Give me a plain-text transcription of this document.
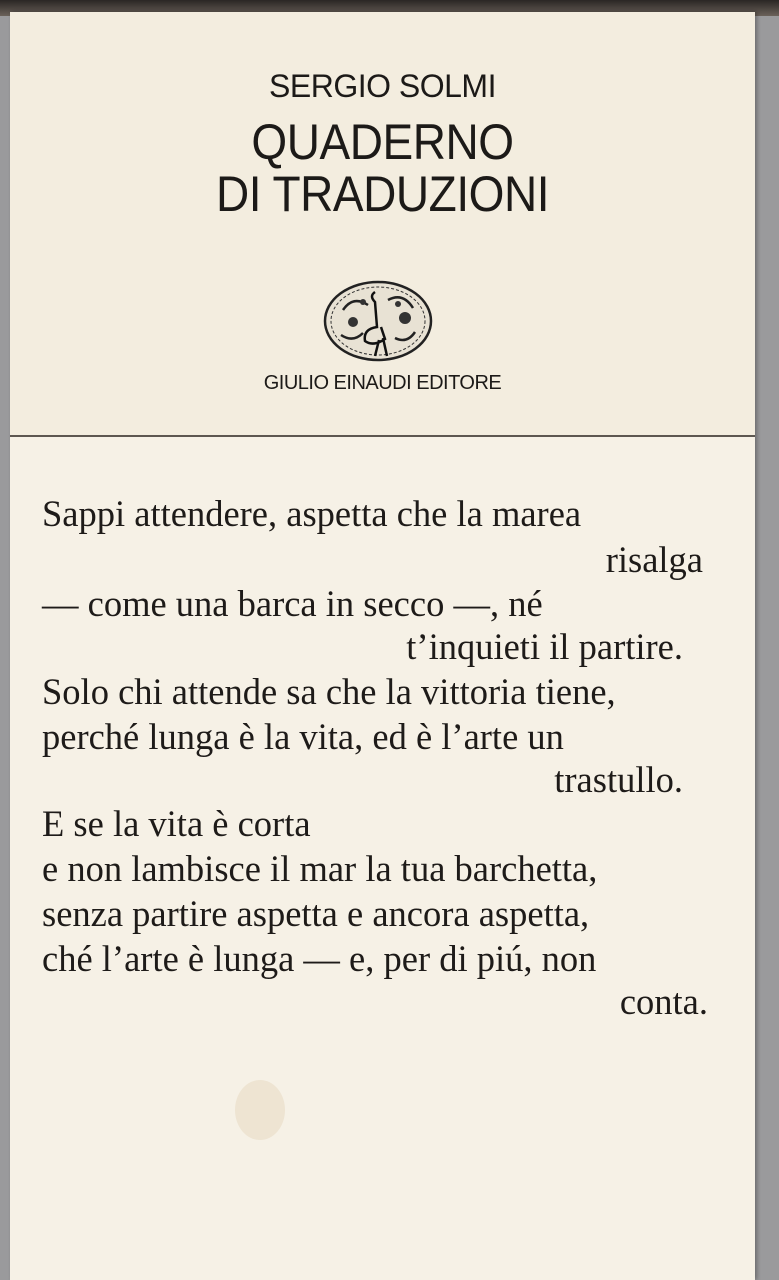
SERGIO SOLMI
QUADERNO
DI TRADUZIONI
GIULIO EINAUDI EDITORE
Sappi attendere, aspetta che la marea
risalga
— come una barca in secco —, né
t’inquieti il partire.
Solo chi attende sa che la vittoria tiene,
perché lunga è la vita, ed è l’arte un
trastullo.
E se la vita è corta
e non lambisce il mar la tua barchetta,
senza partire aspetta e ancora aspetta,
ché l’arte è lunga — e, per di piú, non
conta.
